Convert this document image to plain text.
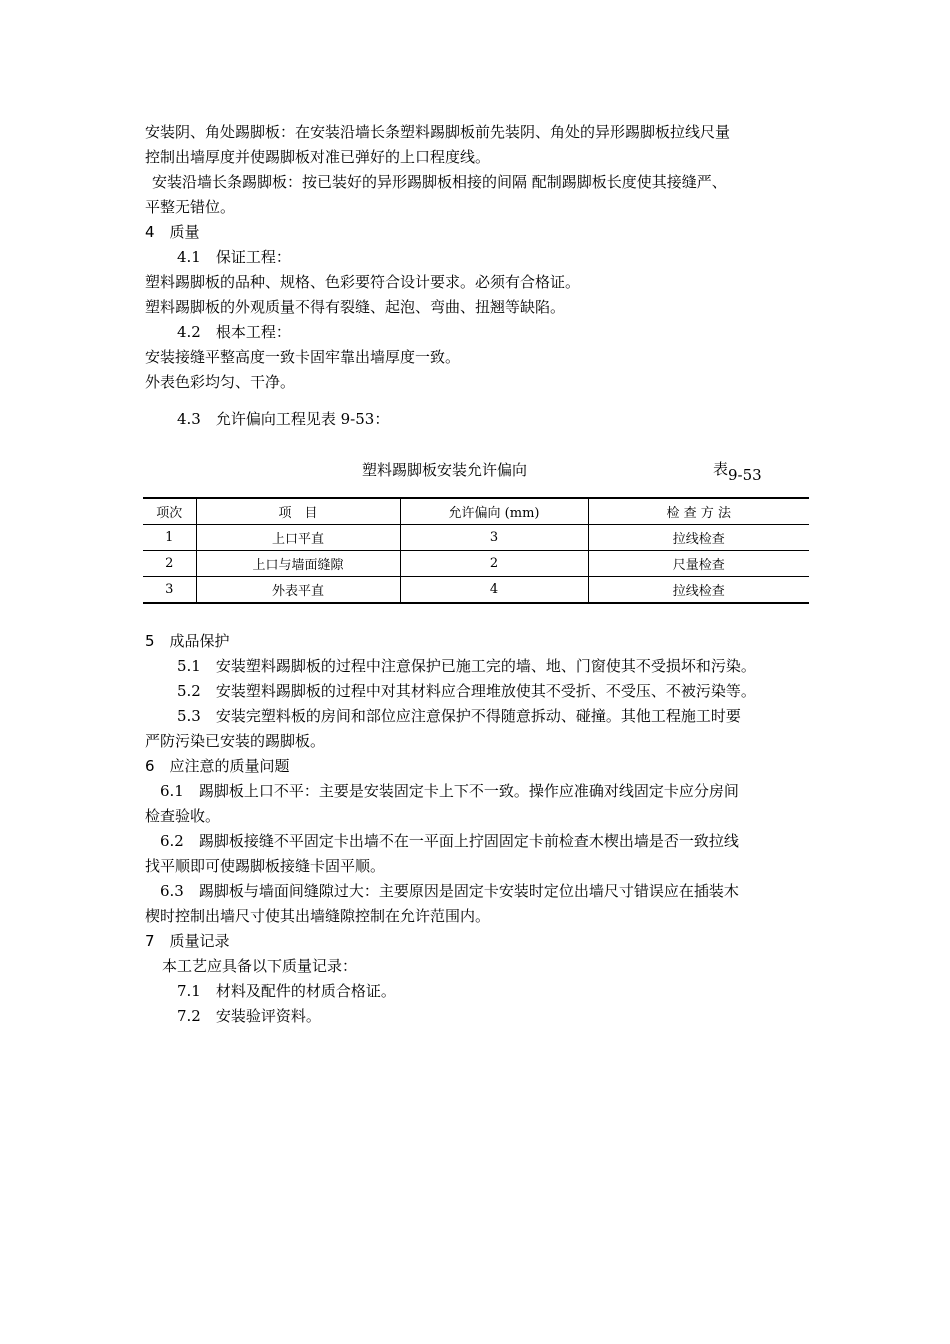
安装阴、角处踢脚板：在安装沿墙长条塑料踢脚板前先装阴、角处的异形踢脚板拉线尺量
控制出墙厚度并使踢脚板对准已弹好的上口程度线。
安装沿墙长条踢脚板：按已装好的异形踢脚板相接的间隔 配制踢脚板长度使其接缝严、
平整无错位。
4　质量
4.1　保证工程：
塑料踢脚板的品种、规格、色彩要符合设计要求。必须有合格证。
塑料踢脚板的外观质量不得有裂缝、起泡、弯曲、扭翘等缺陷。
4.2　根本工程：
安装接缝平整高度一致卡固牢靠出墙厚度一致。
外表色彩均匀、干净。
4.3　允许偏向工程见表 9-53：
塑料踢脚板安装允许偏向	表9-53
项次	项　目	允许偏向 (mm)	检 查 方 法
1	上口平直	3	拉线检查
2	上口与墙面缝隙	2	尺量检查
3	外表平直	4	拉线检查
5　成品保护
5.1　安装塑料踢脚板的过程中注意保护已施工完的墙、地、门窗使其不受损坏和污染。
5.2　安装塑料踢脚板的过程中对其材料应合理堆放使其不受折、不受压、不被污染等。
5.3　安装完塑料板的房间和部位应注意保护不得随意拆动、碰撞。其他工程施工时要
严防污染已安装的踢脚板。
6　应注意的质量问题
6.1　踢脚板上口不平：主要是安装固定卡上下不一致。操作应准确对线固定卡应分房间
检查验收。
6.2　踢脚板接缝不平固定卡出墙不在一平面上拧固固定卡前检查木楔出墙是否一致拉线
找平顺即可使踢脚板接缝卡固平顺。
6.3　踢脚板与墙面间缝隙过大：主要原因是固定卡安装时定位出墙尺寸错误应在插装木
楔时控制出墙尺寸使其出墙缝隙控制在允许范围内。
7　质量记录
本工艺应具备以下质量记录：
7.1　材料及配件的材质合格证。
7.2　安装验评资料。
